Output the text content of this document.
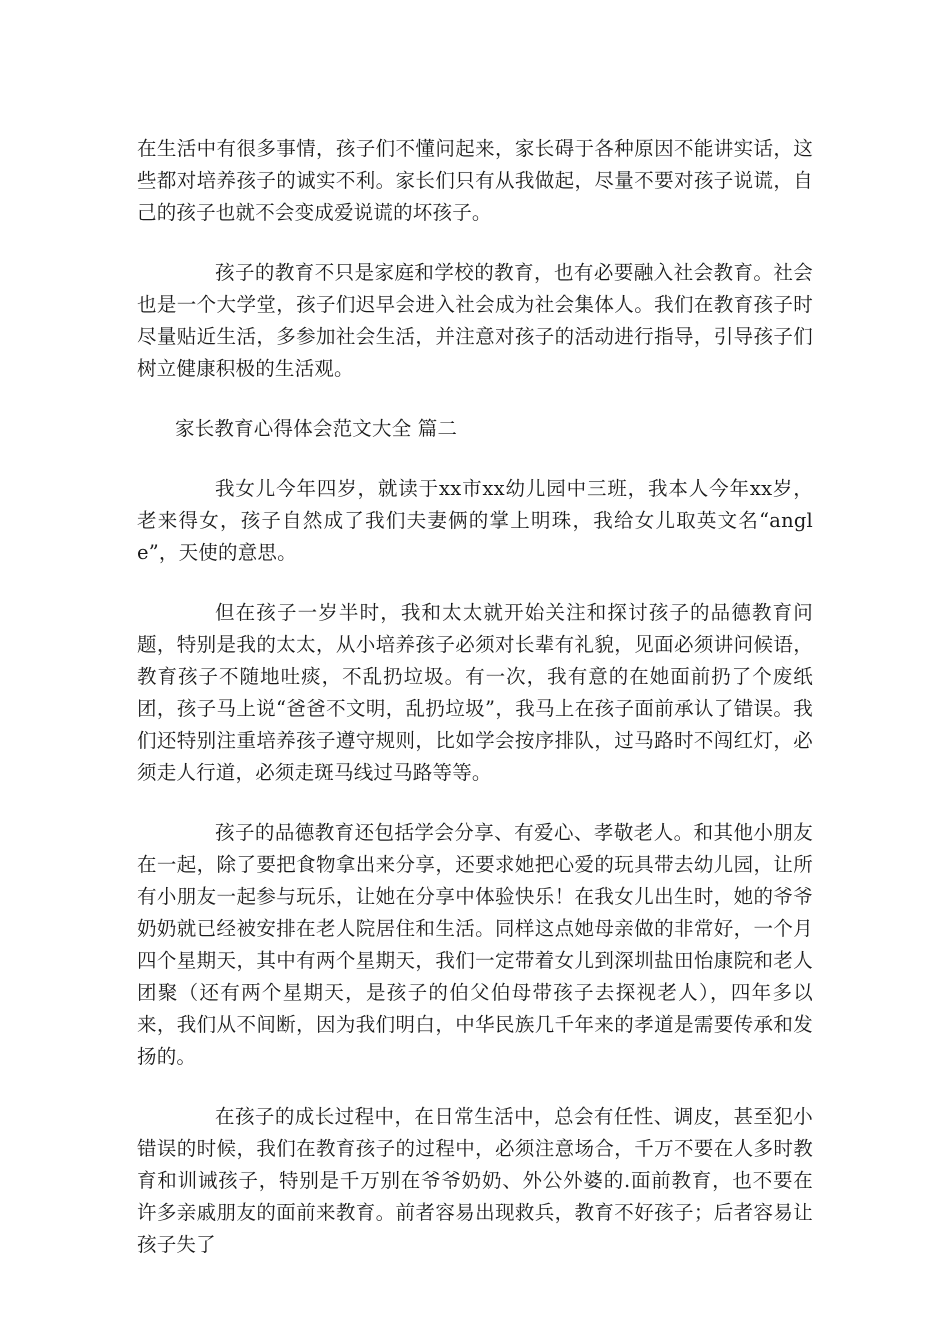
在生活中有很多事情，孩子们不懂问起来，家长碍于各种原因不能讲实话，这些都对培养孩子的诚实不利。家长们只有从我做起，尽量不要对孩子说谎，自己的孩子也就不会变成爱说谎的坏孩子。

孩子的教育不只是家庭和学校的教育，也有必要融入社会教育。社会也是一个大学堂，孩子们迟早会进入社会成为社会集体人。我们在教育孩子时尽量贴近生活，多参加社会生活，并注意对孩子的活动进行指导，引导孩子们树立健康积极的生活观。

家长教育心得体会范文大全 篇二

我女儿今年四岁，就读于xx市xx幼儿园中三班，我本人今年xx岁，老来得女，孩子自然成了我们夫妻俩的掌上明珠，我给女儿取英文名“angle”，天使的意思。

但在孩子一岁半时，我和太太就开始关注和探讨孩子的品德教育问题，特别是我的太太，从小培养孩子必须对长辈有礼貌，见面必须讲问候语，教育孩子不随地吐痰，不乱扔垃圾。有一次，我有意的在她面前扔了个废纸团，孩子马上说“爸爸不文明，乱扔垃圾”，我马上在孩子面前承认了错误。我们还特别注重培养孩子遵守规则，比如学会按序排队，过马路时不闯红灯，必须走人行道，必须走斑马线过马路等等。

孩子的品德教育还包括学会分享、有爱心、孝敬老人。和其他小朋友在一起，除了要把食物拿出来分享，还要求她把心爱的玩具带去幼儿园，让所有小朋友一起参与玩乐，让她在分享中体验快乐！在我女儿出生时，她的爷爷奶奶就已经被安排在老人院居住和生活。同样这点她母亲做的非常好，一个月四个星期天，其中有两个星期天，我们一定带着女儿到深圳盐田怡康院和老人团聚（还有两个星期天，是孩子的伯父伯母带孩子去探视老人），四年多以来，我们从不间断，因为我们明白，中华民族几千年来的孝道是需要传承和发扬的。

在孩子的成长过程中，在日常生活中，总会有任性、调皮，甚至犯小错误的时候，我们在教育孩子的过程中，必须注意场合，千万不要在人多时教育和训诫孩子，特别是千万别在爷爷奶奶、外公外婆的.面前教育，也不要在许多亲戚朋友的面前来教育。前者容易出现救兵，教育不好孩子；后者容易让孩子失了
